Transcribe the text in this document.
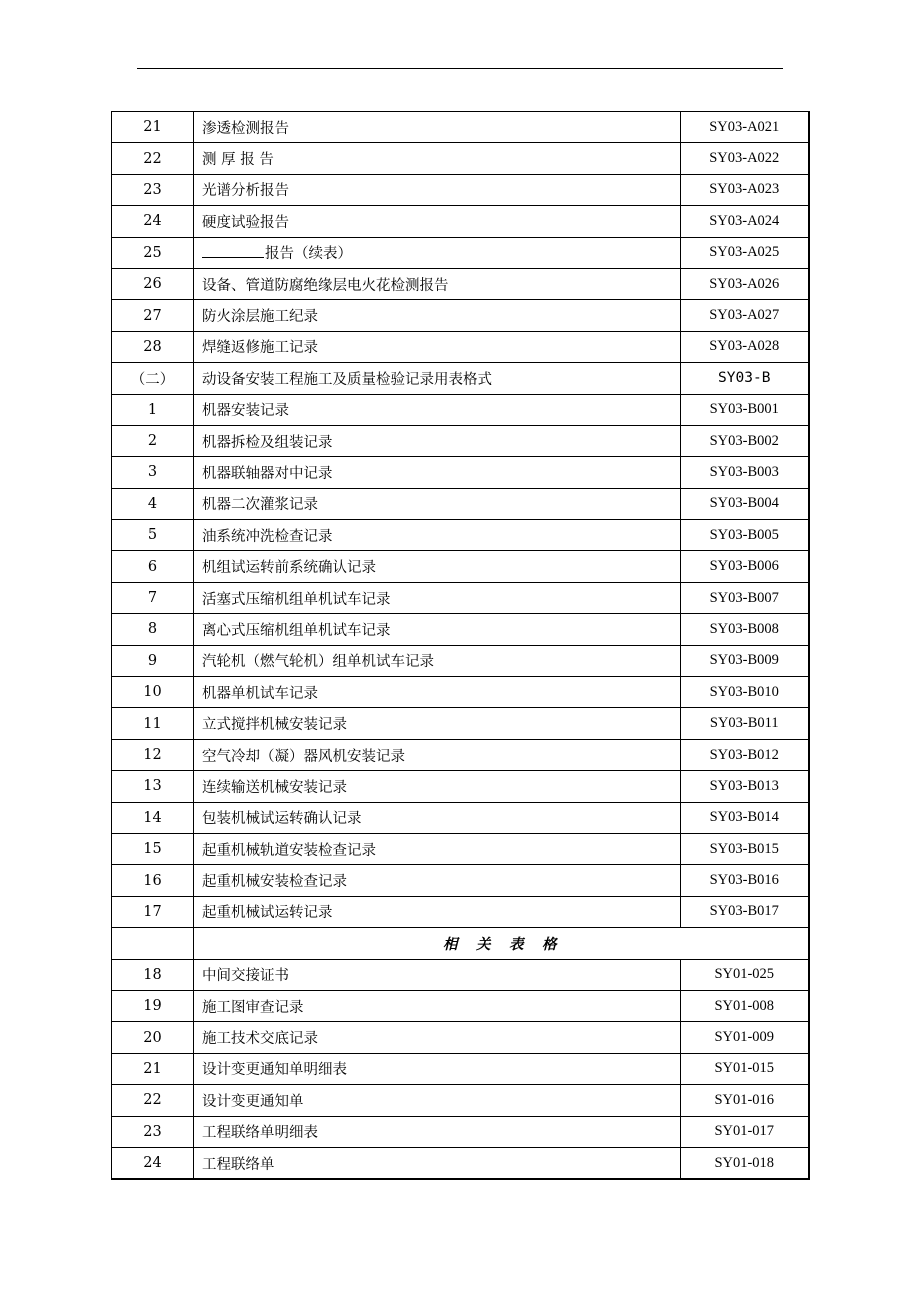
21	渗透检测报告	SY03-A021
22	测 厚 报 告	SY03-A022
23	光谱分析报告	SY03-A023
24	硬度试验报告	SY03-A024
25	报告（续表）	SY03-A025
26	设备、管道防腐绝缘层电火花检测报告	SY03-A026
27	防火涂层施工纪录	SY03-A027
28	焊缝返修施工记录	SY03-A028
（二）	动设备安装工程施工及质量检验记录用表格式	SY03-B
1	机器安装记录	SY03-B001
2	机器拆检及组装记录	SY03-B002
3	机器联轴器对中记录	SY03-B003
4	机器二次灌浆记录	SY03-B004
5	油系统冲洗检查记录	SY03-B005
6	机组试运转前系统确认记录	SY03-B006
7	活塞式压缩机组单机试车记录	SY03-B007
8	离心式压缩机组单机试车记录	SY03-B008
9	汽轮机（燃气轮机）组单机试车记录	SY03-B009
10	机器单机试车记录	SY03-B010
11	立式搅拌机械安装记录	SY03-B011
12	空气冷却（凝）器风机安装记录	SY03-B012
13	连续输送机械安装记录	SY03-B013
14	包装机械试运转确认记录	SY03-B014
15	起重机械轨道安装检查记录	SY03-B015
16	起重机械安装检查记录	SY03-B016
17	起重机械试运转记录	SY03-B017
	相　关　表　格	
18	中间交接证书	SY01-025
19	施工图审查记录	SY01-008
20	施工技术交底记录	SY01-009
21	设计变更通知单明细表	SY01-015
22	设计变更通知单	SY01-016
23	工程联络单明细表	SY01-017
24	工程联络单	SY01-018
